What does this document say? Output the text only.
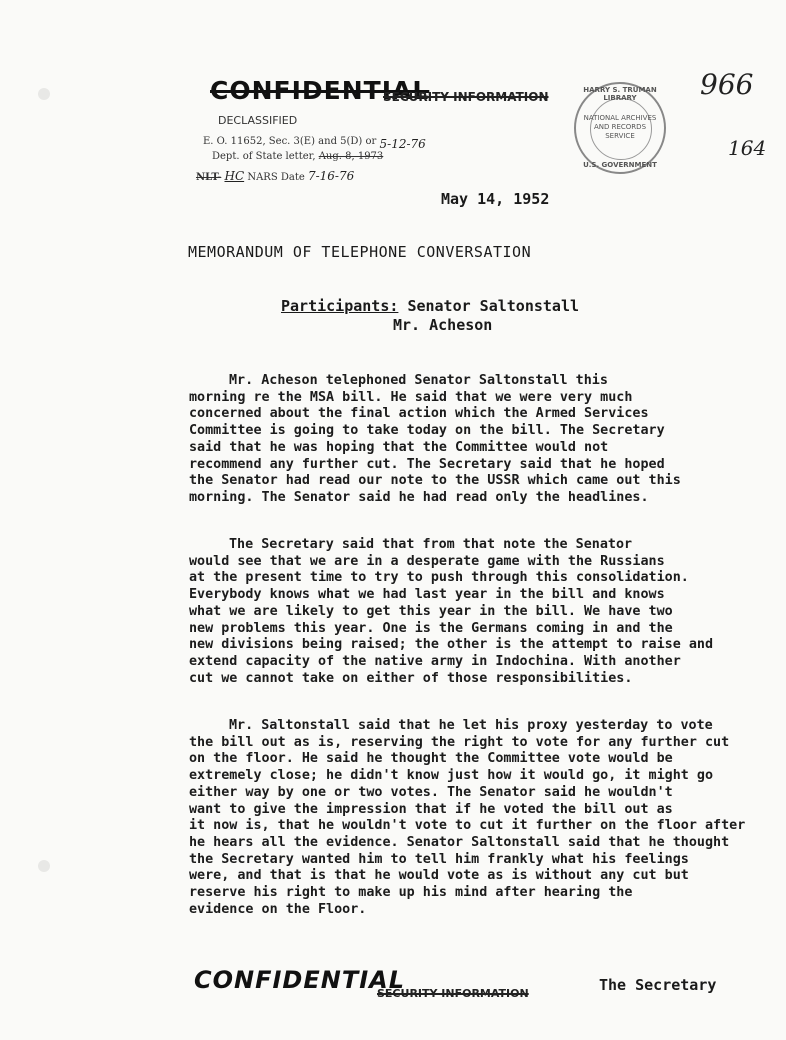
CONFIDENTIAL
SECURITY INFORMATION
DECLASSIFIED
E. O. 11652, Sec. 3(E) and 5(D) or 5-12-76
Dept. of State letter, Aug. 8, 1973
NLT- HC NARS Date 7-16-76
HARRY S. TRUMAN LIBRARY
NATIONAL ARCHIVES AND RECORDS SERVICE
U.S. GOVERNMENT
966
164
May 14, 1952
MEMORANDUM OF TELEPHONE CONVERSATION
Participants: Senator Saltonstall
Mr. Acheson
Mr. Acheson telephoned Senator Saltonstall this
morning re the MSA bill. He said that we were very much
concerned about the final action which the Armed Services
Committee is going to take today on the bill. The Secretary
said that he was hoping that the Committee would not
recommend any further cut. The Secretary said that he hoped
the Senator had read our note to the USSR which came out this
morning. The Senator said he had read only the headlines.
The Secretary said that from that note the Senator
would see that we are in a desperate game with the Russians
at the present time to try to push through this consolidation.
Everybody knows what we had last year in the bill and knows
what we are likely to get this year in the bill. We have two
new problems this year. One is the Germans coming in and the
new divisions being raised; the other is the attempt to raise and
extend capacity of the native army in Indochina. With another
cut we cannot take on either of those responsibilities.
Mr. Saltonstall said that he let his proxy yesterday to vote
the bill out as is, reserving the right to vote for any further cut
on the floor. He said he thought the Committee vote would be
extremely close; he didn't know just how it would go, it might go
either way by one or two votes. The Senator said he wouldn't
want to give the impression that if he voted the bill out as
it now is, that he wouldn't vote to cut it further on the floor after
he hears all the evidence. Senator Saltonstall said that he thought
the Secretary wanted him to tell him frankly what his feelings
were, and that is that he would vote as is without any cut but
reserve his right to make up his mind after hearing the
evidence on the Floor.
CONFIDENTIAL
SECURITY INFORMATION	The Secretary
